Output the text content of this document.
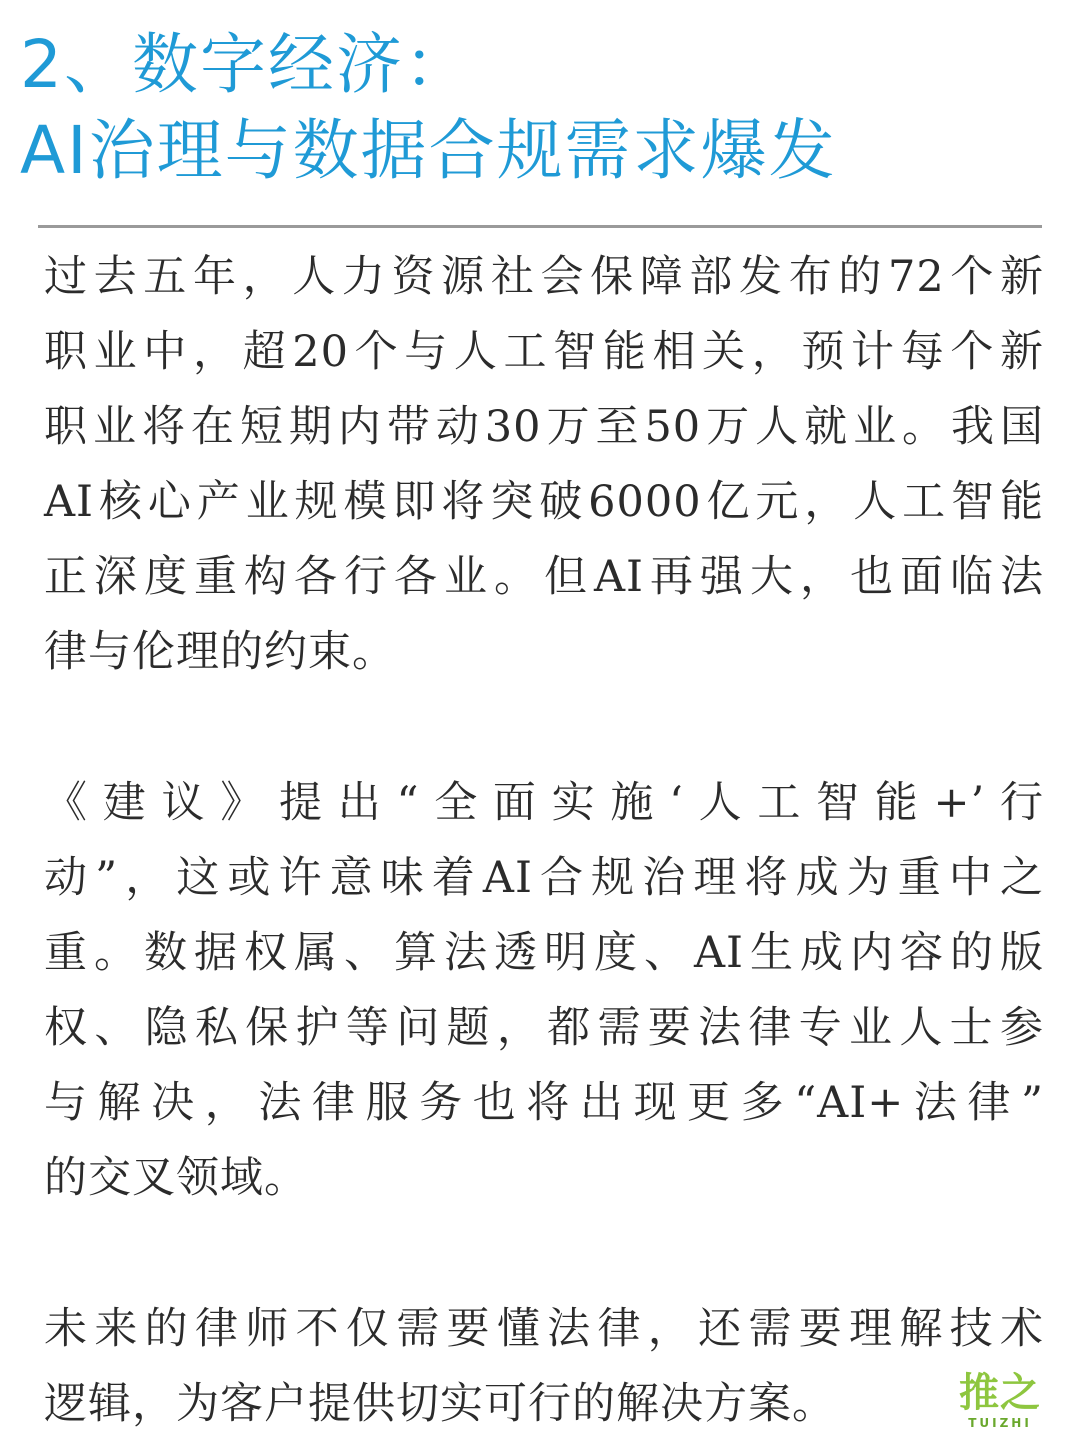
2、数字经济：
AI治理与数据合规需求爆发
过去五年，人力资源社会保障部发布的72个新
职业中，超20个与人工智能相关，预计每个新
职业将在短期内带动30万至50万人就业。我国
AI核心产业规模即将突破6000亿元，人工智能
正深度重构各行各业。但AI再强大，也面临法
律与伦理的约束。
《建议》提出“全面实施‘人工智能+’行
动”，这或许意味着AI合规治理将成为重中之
重。数据权属、算法透明度、AI生成内容的版
权、隐私保护等问题，都需要法律专业人士参
与解决，法律服务也将出现更多“AI+法律”
的交叉领域。
未来的律师不仅需要懂法律，还需要理解技术
逻辑，为客户提供切实可行的解决方案。	推之
TUIZHI
